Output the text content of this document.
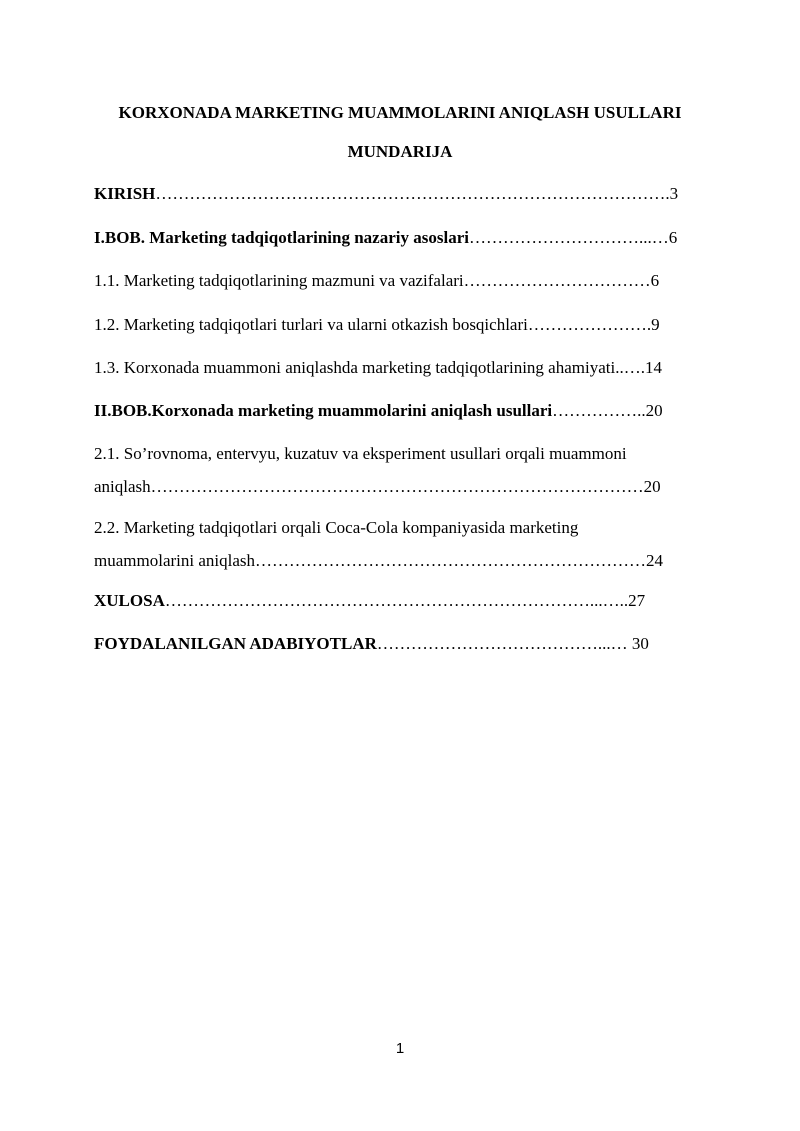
KORXONADA MARKETING MUAMMOLARINI ANIQLASH USULLARI
MUNDARIJA
KIRISH……………………………………………………………………………….3
I.BOB. Marketing tadqiqotlarining nazariy asoslari…………………………...…6
1.1. Marketing tadqiqotlarining mazmuni va vazifalari……………………………6
1.2. Marketing tadqiqotlari turlari va ularni otkazish bosqichlari………………….9
1.3. Korxonada muammoni aniqlashda marketing tadqiqotlarining ahamiyati..….14
II.BOB.Korxonada marketing muammolarini aniqlash usullari……………..20
2.1. So’rovnoma, entervyu, kuzatuv va eksperiment usullari orqali muammoni
aniqlash……………………………………………………………………………20
2.2. Marketing tadqiqotlari orqali Coca-Cola kompaniyasida marketing
muammolarini aniqlash……………………………………………………………24
XULOSA…………………………………………………………………...…..27
FOYDALANILGAN ADABIYOTLAR…………………………………...… 30
1
